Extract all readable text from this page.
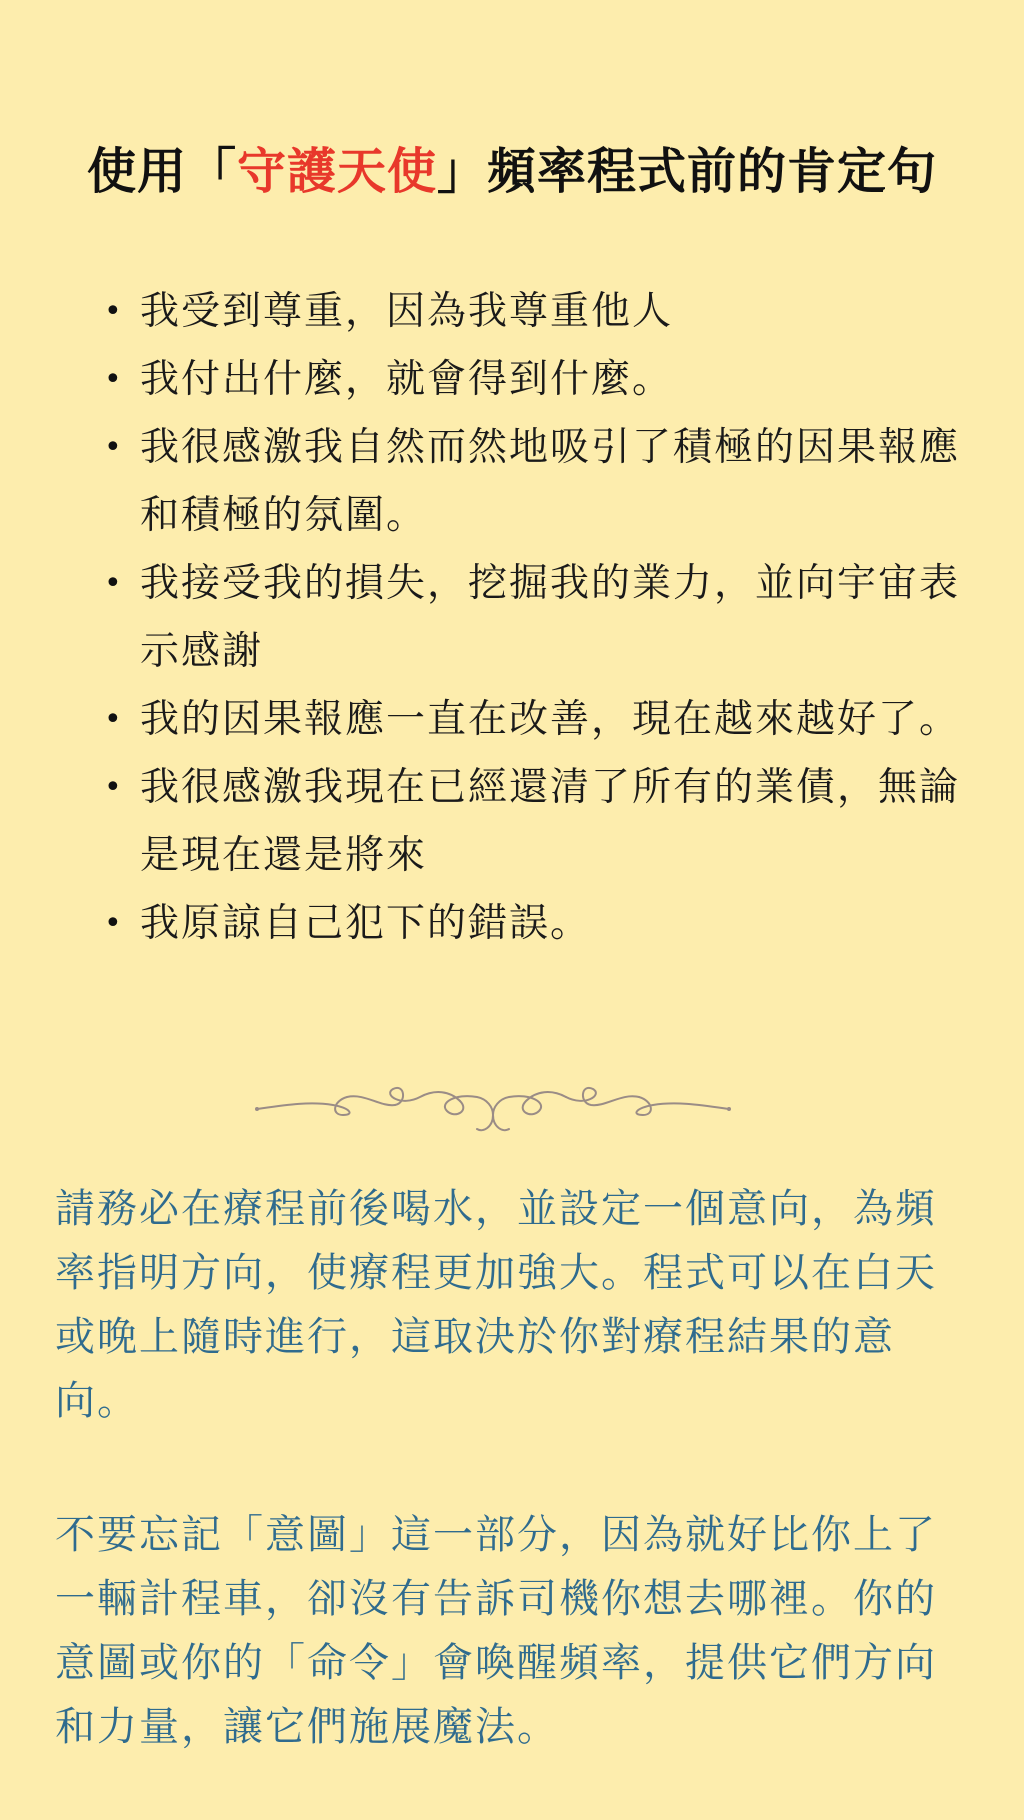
使用「守護天使」頻率程式前的肯定句
• 我受到尊重，因為我尊重他人
• 我付出什麼，就會得到什麼。
• 我很感激我自然而然地吸引了積極的因果報應和積極的氛圍。
• 我接受我的損失，挖掘我的業力，並向宇宙表示感謝
• 我的因果報應一直在改善，現在越來越好了。
• 我很感激我現在已經還清了所有的業債，無論是現在還是將來
• 我原諒自己犯下的錯誤。

請務必在療程前後喝水，並設定一個意向，為頻率指明方向，使療程更加強大。程式可以在白天或晚上隨時進行，這取決於你對療程結果的意向。

不要忘記「意圖」這一部分，因為就好比你上了一輛計程車，卻沒有告訴司機你想去哪裡。你的意圖或你的「命令」會喚醒頻率，提供它們方向和力量，讓它們施展魔法。
